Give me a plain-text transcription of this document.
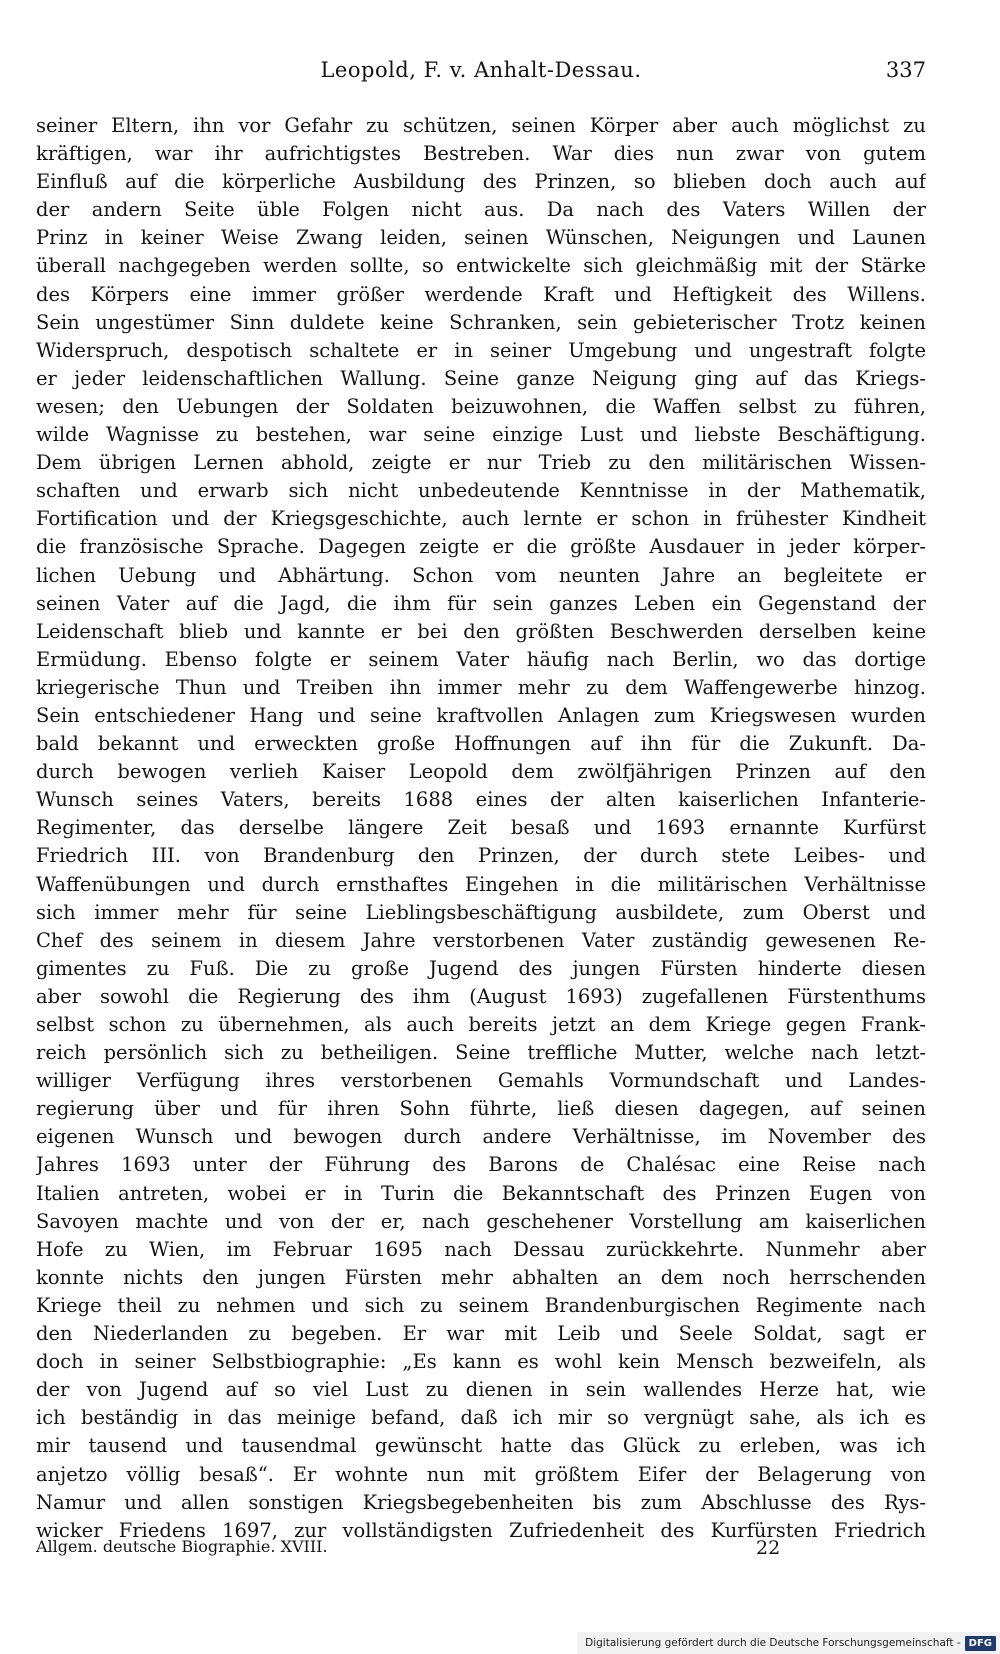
Leopold, F. v. Anhalt-Dessau.	337
seiner Eltern, ihn vor Gefahr zu schützen, seinen Körper aber auch möglichst zu
kräftigen, war ihr aufrichtigstes Bestreben. War dies nun zwar von gutem
Einfluß auf die körperliche Ausbildung des Prinzen, so blieben doch auch auf
der andern Seite üble Folgen nicht aus. Da nach des Vaters Willen der
Prinz in keiner Weise Zwang leiden, seinen Wünschen, Neigungen und Launen
überall nachgegeben werden sollte, so entwickelte sich gleichmäßig mit der Stärke
des Körpers eine immer größer werdende Kraft und Heftigkeit des Willens.
Sein ungestümer Sinn duldete keine Schranken, sein gebieterischer Trotz keinen
Widerspruch, despotisch schaltete er in seiner Umgebung und ungestraft folgte
er jeder leidenschaftlichen Wallung. Seine ganze Neigung ging auf das Kriegs-
wesen; den Uebungen der Soldaten beizuwohnen, die Waffen selbst zu führen,
wilde Wagnisse zu bestehen, war seine einzige Lust und liebste Beschäftigung.
Dem übrigen Lernen abhold, zeigte er nur Trieb zu den militärischen Wissen-
schaften und erwarb sich nicht unbedeutende Kenntnisse in der Mathematik,
Fortification und der Kriegsgeschichte, auch lernte er schon in frühester Kindheit
die französische Sprache. Dagegen zeigte er die größte Ausdauer in jeder körper-
lichen Uebung und Abhärtung. Schon vom neunten Jahre an begleitete er
seinen Vater auf die Jagd, die ihm für sein ganzes Leben ein Gegenstand der
Leidenschaft blieb und kannte er bei den größten Beschwerden derselben keine
Ermüdung. Ebenso folgte er seinem Vater häufig nach Berlin, wo das dortige
kriegerische Thun und Treiben ihn immer mehr zu dem Waffengewerbe hinzog.
Sein entschiedener Hang und seine kraftvollen Anlagen zum Kriegswesen wurden
bald bekannt und erweckten große Hoffnungen auf ihn für die Zukunft. Da-
durch bewogen verlieh Kaiser Leopold dem zwölfjährigen Prinzen auf den
Wunsch seines Vaters, bereits 1688 eines der alten kaiserlichen Infanterie-
Regimenter, das derselbe längere Zeit besaß und 1693 ernannte Kurfürst
Friedrich III. von Brandenburg den Prinzen, der durch stete Leibes- und
Waffenübungen und durch ernsthaftes Eingehen in die militärischen Verhältnisse
sich immer mehr für seine Lieblingsbeschäftigung ausbildete, zum Oberst und
Chef des seinem in diesem Jahre verstorbenen Vater zuständig gewesenen Re-
gimentes zu Fuß. Die zu große Jugend des jungen Fürsten hinderte diesen
aber sowohl die Regierung des ihm (August 1693) zugefallenen Fürstenthums
selbst schon zu übernehmen, als auch bereits jetzt an dem Kriege gegen Frank-
reich persönlich sich zu betheiligen. Seine treffliche Mutter, welche nach letzt-
williger Verfügung ihres verstorbenen Gemahls Vormundschaft und Landes-
regierung über und für ihren Sohn führte, ließ diesen dagegen, auf seinen
eigenen Wunsch und bewogen durch andere Verhältnisse, im November des
Jahres 1693 unter der Führung des Barons de Chalésac eine Reise nach
Italien antreten, wobei er in Turin die Bekanntschaft des Prinzen Eugen von
Savoyen machte und von der er, nach geschehener Vorstellung am kaiserlichen
Hofe zu Wien, im Februar 1695 nach Dessau zurückkehrte. Nunmehr aber
konnte nichts den jungen Fürsten mehr abhalten an dem noch herrschenden
Kriege theil zu nehmen und sich zu seinem Brandenburgischen Regimente nach
den Niederlanden zu begeben. Er war mit Leib und Seele Soldat, sagt er
doch in seiner Selbstbiographie: „Es kann es wohl kein Mensch bezweifeln, als
der von Jugend auf so viel Lust zu dienen in sein wallendes Herze hat, wie
ich beständig in das meinige befand, daß ich mir so vergnügt sahe, als ich es
mir tausend und tausendmal gewünscht hatte das Glück zu erleben, was ich
anjetzo völlig besaß“. Er wohnte nun mit größtem Eifer der Belagerung von
Namur und allen sonstigen Kriegsbegebenheiten bis zum Abschlusse des Rys-
wicker Friedens 1697, zur vollständigsten Zufriedenheit des Kurfürsten Friedrich
Allgem. deutsche Biographie. XVIII.	22
Digitalisierung gefördert durch die Deutsche Forschungsgemeinschaft - DFG
